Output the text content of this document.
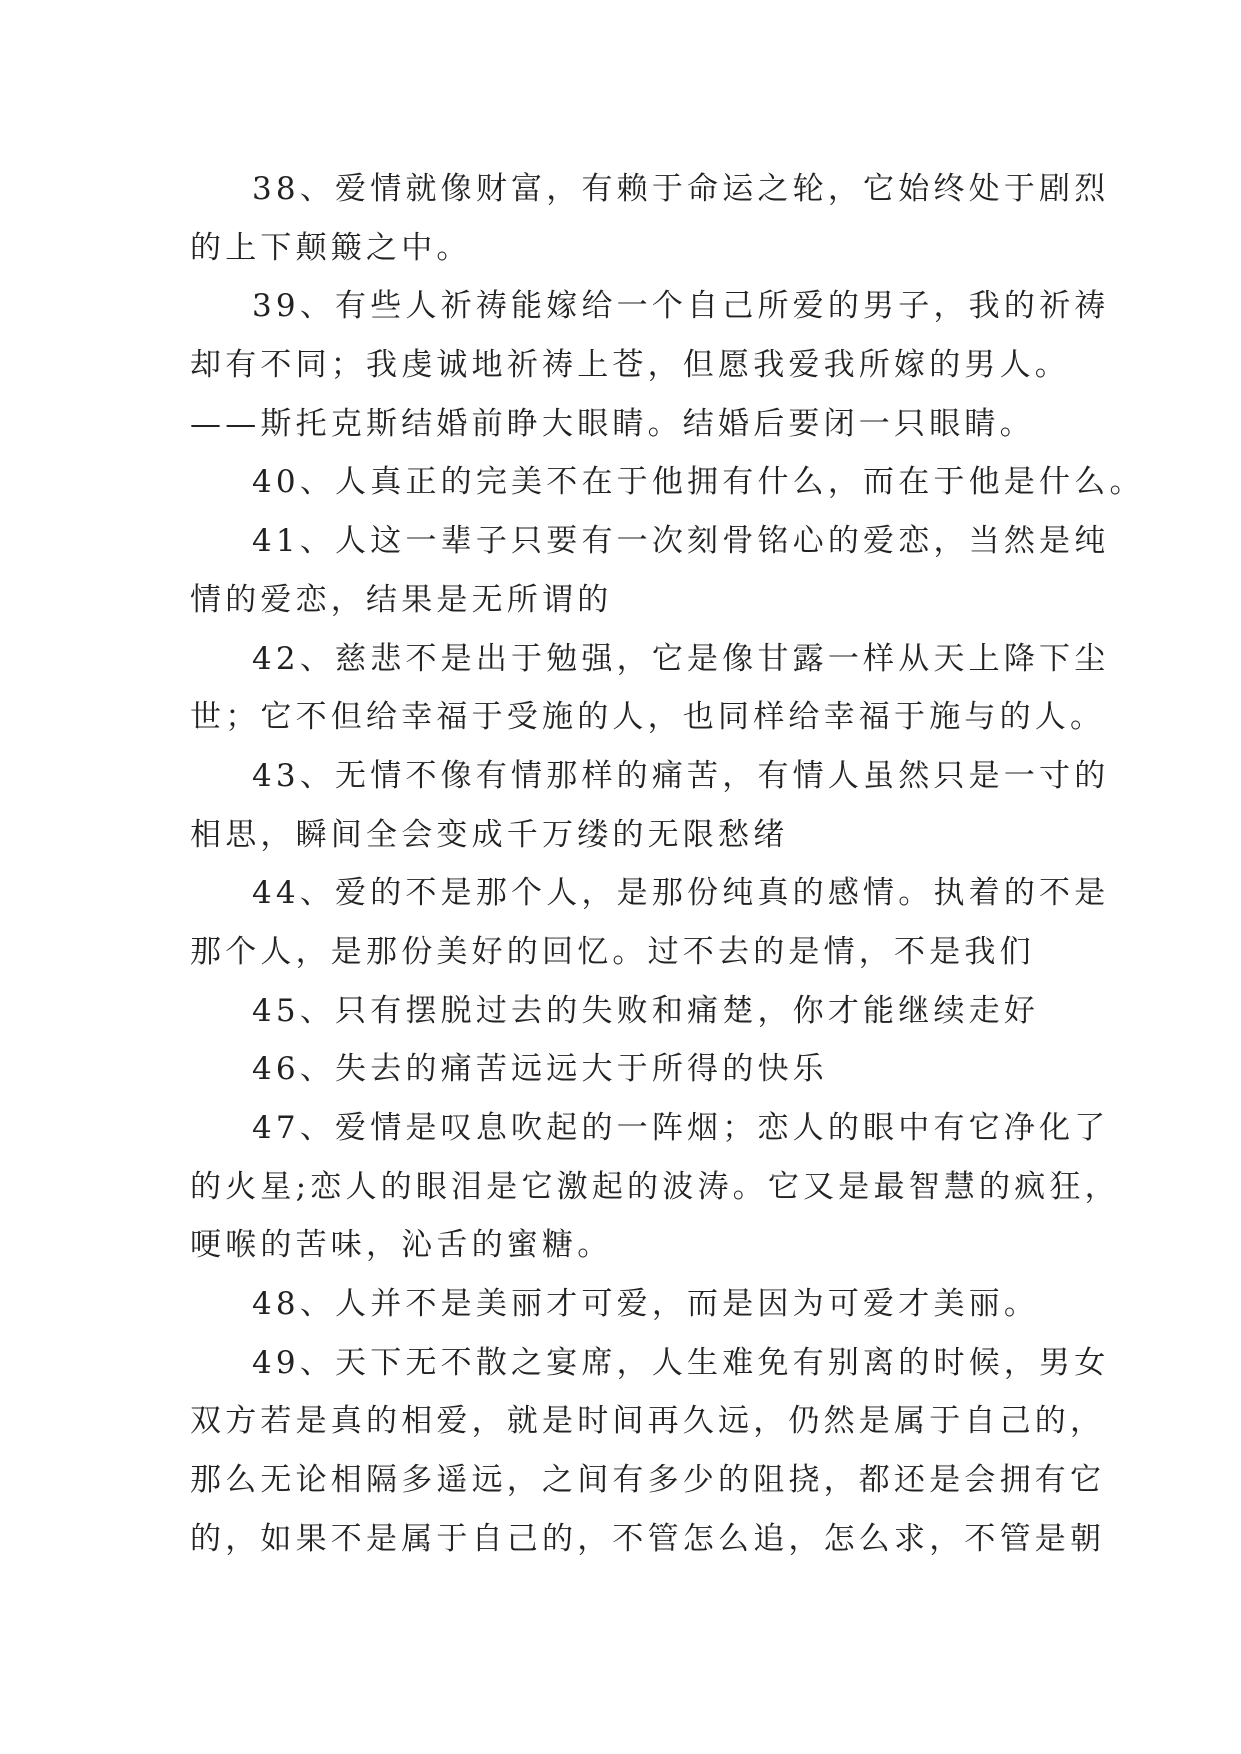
38、爱情就像财富，有赖于命运之轮，它始终处于剧烈
的上下颠簸之中。
39、有些人祈祷能嫁给一个自己所爱的男子，我的祈祷
却有不同；我虔诚地祈祷上苍，但愿我爱我所嫁的男人。
——斯托克斯结婚前睁大眼睛。结婚后要闭一只眼睛。
40、人真正的完美不在于他拥有什么，而在于他是什么。
41、人这一辈子只要有一次刻骨铭心的爱恋，当然是纯
情的爱恋，结果是无所谓的
42、慈悲不是出于勉强，它是像甘露一样从天上降下尘
世；它不但给幸福于受施的人，也同样给幸福于施与的人。
43、无情不像有情那样的痛苦，有情人虽然只是一寸的
相思，瞬间全会变成千万缕的无限愁绪
44、爱的不是那个人，是那份纯真的感情。执着的不是
那个人，是那份美好的回忆。过不去的是情，不是我们
45、只有摆脱过去的失败和痛楚，你才能继续走好
46、失去的痛苦远远大于所得的快乐
47、爱情是叹息吹起的一阵烟；恋人的眼中有它净化了
的火星;恋人的眼泪是它激起的波涛。它又是最智慧的疯狂，
哽喉的苦味，沁舌的蜜糖。
48、人并不是美丽才可爱，而是因为可爱才美丽。
49、天下无不散之宴席，人生难免有别离的时候，男女
双方若是真的相爱，就是时间再久远，仍然是属于自己的，
那么无论相隔多遥远，之间有多少的阻挠，都还是会拥有它
的，如果不是属于自己的，不管怎么追，怎么求，不管是朝
